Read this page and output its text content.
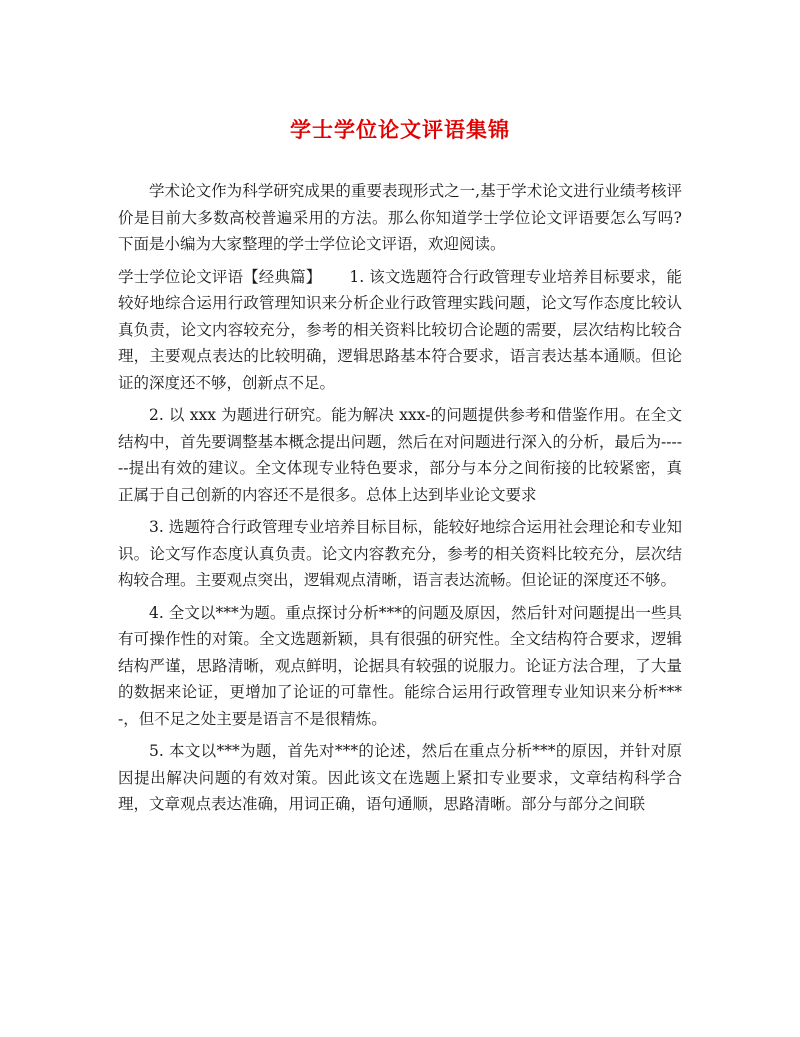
学士学位论文评语集锦

学术论文作为科学研究成果的重要表现形式之一,基于学术论文进行业绩考核评价是目前大多数高校普遍采用的方法。那么你知道学士学位论文评语要怎么写吗?下面是小编为大家整理的学士学位论文评语，欢迎阅读。

学士学位论文评语【经典篇】 1. 该文选题符合行政管理专业培养目标要求，能较好地综合运用行政管理知识来分析企业行政管理实践问题，论文写作态度比较认真负责，论文内容较充分，参考的相关资料比较切合论题的需要，层次结构比较合理，主要观点表达的比较明确，逻辑思路基本符合要求，语言表达基本通顺。但论证的深度还不够，创新点不足。

2. 以 xxx 为题进行研究。能为解决 xxx-的问题提供参考和借鉴作用。在全文结构中，首先要调整基本概念提出问题，然后在对问题进行深入的分析，最后为------提出有效的建议。全文体现专业特色要求，部分与本分之间衔接的比较紧密，真正属于自己创新的内容还不是很多。总体上达到毕业论文要求

3. 选题符合行政管理专业培养目标目标，能较好地综合运用社会理论和专业知识。论文写作态度认真负责。论文内容教充分，参考的相关资料比较充分，层次结构较合理。主要观点突出，逻辑观点清晰，语言表达流畅。但论证的深度还不够。

4. 全文以***为题。重点探讨分析***的问题及原因，然后针对问题提出一些具有可操作性的对策。全文选题新颖，具有很强的研究性。全文结构符合要求，逻辑结构严谨，思路清晰，观点鲜明，论据具有较强的说服力。论证方法合理，了大量的数据来论证，更增加了论证的可靠性。能综合运用行政管理专业知识来分析***-，但不足之处主要是语言不是很精炼。

5. 本文以***为题，首先对***的论述，然后在重点分析***的原因，并针对原因提出解决问题的有效对策。因此该文在选题上紧扣专业要求，文章结构科学合理，文章观点表达准确，用词正确，语句通顺，思路清晰。部分与部分之间联
